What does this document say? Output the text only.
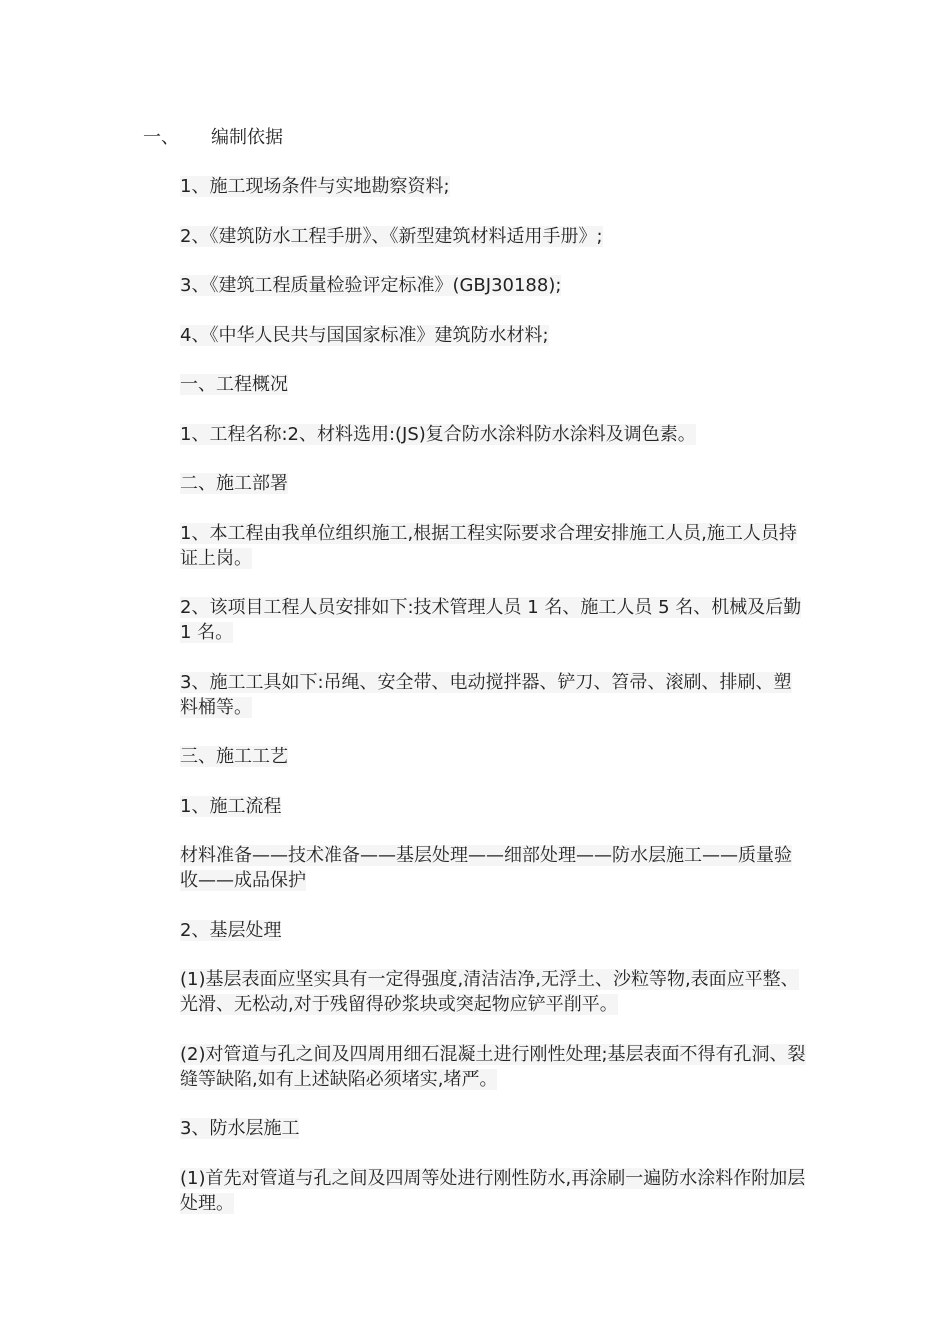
一、 编制依据

1、施工现场条件与实地勘察资料;

2、《建筑防水工程手册》、《新型建筑材料适用手册》;

3、《建筑工程质量检验评定标准》(GBJ30188);

4、《中华人民共与国国家标准》建筑防水材料;

一、工程概况

1、工程名称:2、材料选用:(JS)复合防水涂料防水涂料及调色素。

二、施工部署

1、本工程由我单位组织施工,根据工程实际要求合理安排施工人员,施工人员持证上岗。

2、该项目工程人员安排如下:技术管理人员 1 名、施工人员 5 名、机械及后勤 1 名。

3、施工工具如下:吊绳、安全带、电动搅拌器、铲刀、笤帚、滚刷、排刷、塑料桶等。

三、施工工艺

1、施工流程

材料准备——技术准备——基层处理——细部处理——防水层施工——质量验收——成品保护

2、基层处理

(1)基层表面应坚实具有一定得强度,清洁洁净,无浮土、沙粒等物,表面应平整、光滑、无松动,对于残留得砂浆块或突起物应铲平削平。

(2)对管道与孔之间及四周用细石混凝土进行刚性处理;基层表面不得有孔洞、裂缝等缺陷,如有上述缺陷必须堵实,堵严。

3、防水层施工

(1)首先对管道与孔之间及四周等处进行刚性防水,再涂刷一遍防水涂料作附加层处理。
